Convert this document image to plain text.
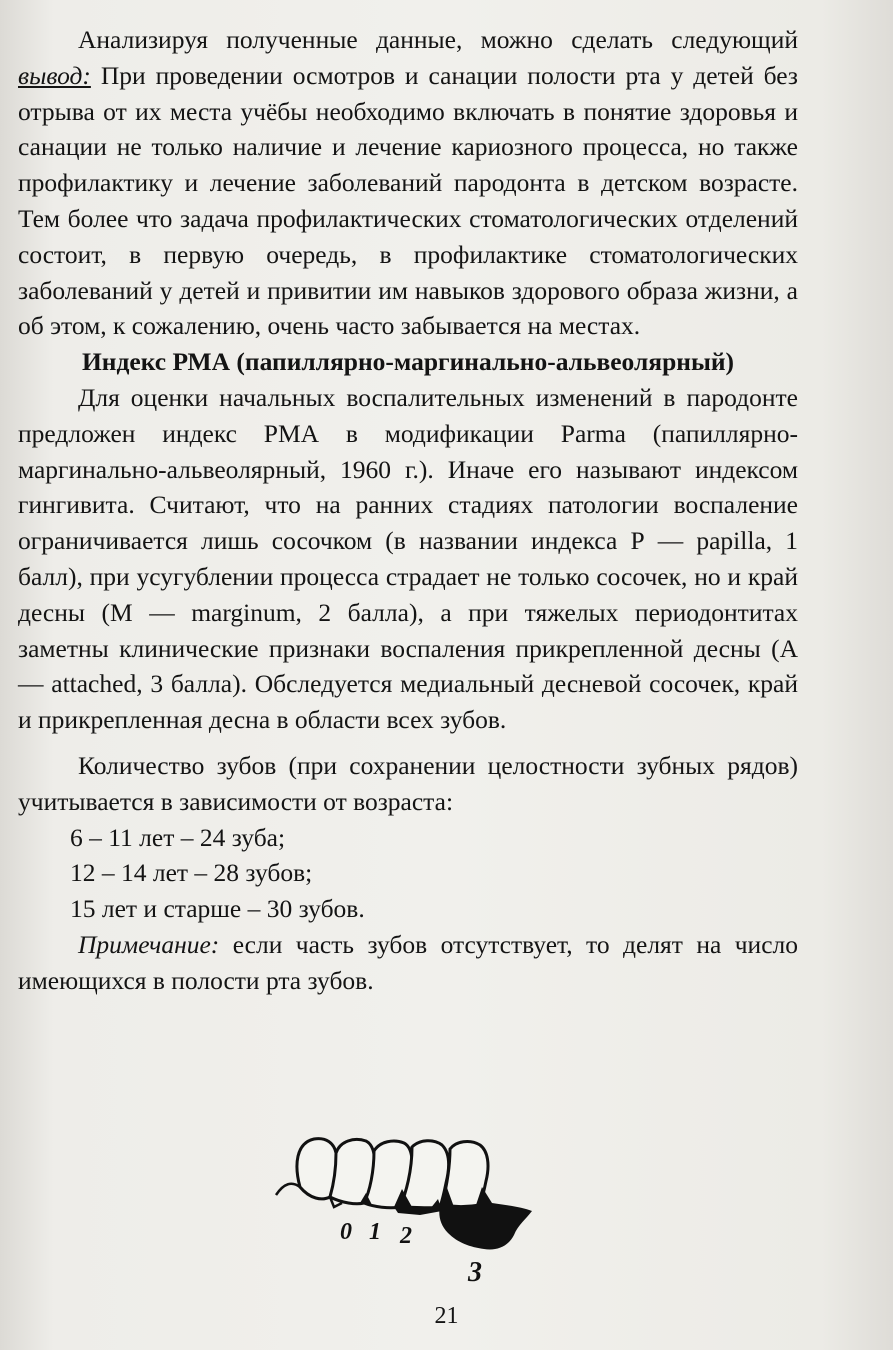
Анализируя полученные данные, можно сделать следующий вывод: При проведении осмотров и санации полости рта у детей без отрыва от их места учёбы необходимо включать в понятие здоровья и санации не только наличие и лечение кариозного процесса, но также профилактику и лечение заболеваний пародонта в детском возрасте. Тем более что задача профилактических стоматологических отделений состоит, в первую очередь, в профилактике стоматологических заболеваний у детей и привитии им навыков здорового образа жизни, а об этом, к сожалению, очень часто забывается на местах.

Индекс РМА (папиллярно-маргинально-альвеолярный)

Для оценки начальных воспалительных изменений в пародонте предложен индекс РМА в модификации Parma (папиллярно-маргинально-альвеолярный, 1960 г.). Иначе его называют индексом гингивита. Считают, что на ранних стадиях патологии воспаление ограничивается лишь сосочком (в названии индекса Р — papilla, 1 балл), при усугублении процесса страдает не только сосочек, но и край десны (М — marginum, 2 балла), а при тяжелых периодонтитах заметны клинические признаки воспаления прикрепленной десны (А — attached, 3 балла). Обследуется медиальный десневой сосочек, край и прикрепленная десна в области всех зубов.

Количество зубов (при сохранении целостности зубных рядов) учитывается в зависимости от возраста:

6 – 11 лет – 24 зуба;

12 – 14 лет – 28 зубов;

15 лет и старше – 30 зубов.

Примечание: если часть зубов отсутствует, то делят на число имеющихся в полости рта зубов.

0 1 2
3
21
